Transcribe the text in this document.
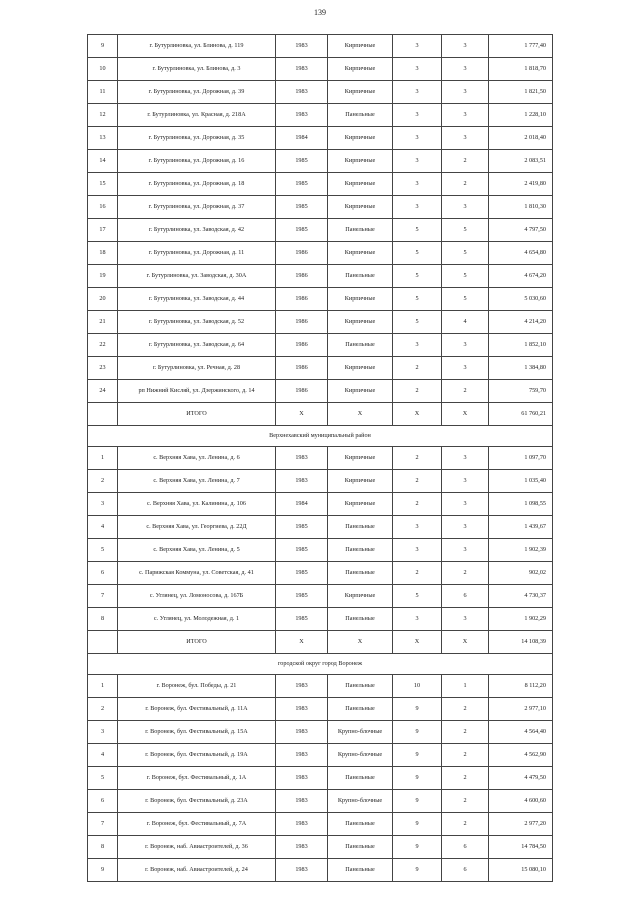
139
9	г. Бутурлиновка, ул. Блинова, д. 119	1983	Кирпичные	3	3	1 777,40
10	г. Бутурлиновка, ул. Блинова, д. 3	1983	Кирпичные	3	3	1 818,70
11	г. Бутурлиновка, ул. Дорожная, д. 39	1983	Кирпичные	3	3	1 821,50
12	г. Бутурлиновка, ул. Красная, д. 218А	1983	Панельные	3	3	1 228,10
13	г. Бутурлиновка, ул. Дорожная, д. 35	1984	Кирпичные	3	3	2 018,40
14	г. Бутурлиновка, ул. Дорожная, д. 16	1985	Кирпичные	3	2	2 083,51
15	г. Бутурлиновка, ул. Дорожная, д. 18	1985	Кирпичные	3	2	2 419,80
16	г. Бутурлиновка, ул. Дорожная, д. 37	1985	Кирпичные	3	3	1 810,30
17	г. Бутурлиновка, ул. Заводская, д. 42	1985	Панельные	5	5	4 797,50
18	г. Бутурлиновка, ул. Дорожная, д. 11	1986	Кирпичные	5	5	4 654,80
19	г. Бутурлиновка, ул. Заводская, д. 30А	1986	Панельные	5	5	4 674,20
20	г. Бутурлиновка, ул. Заводская, д. 44	1986	Кирпичные	5	5	5 030,60
21	г. Бутурлиновка, ул. Заводская, д. 52	1986	Кирпичные	5	4	4 214,20
22	г. Бутурлиновка, ул. Заводская, д. 64	1986	Панельные	3	3	1 852,10
23	г. Бутурлиновка, ул. Речная, д. 28	1986	Кирпичные	2	3	1 384,80
24	рп Нижний Кисляй, ул. Дзержинского, д. 14	1986	Кирпичные	2	2	759,70
	ИТОГО	X	X	X	X	61 760,21
Верхнехавский муниципальный район						
1	с. Верхняя Хава, ул. Ленина, д. 6	1983	Кирпичные	2	3	1 097,70
2	с. Верхняя Хава, ул. Ленина, д. 7	1983	Кирпичные	2	3	1 035,40
3	с. Верхняя Хава, ул. Калинина, д. 106	1984	Кирпичные	2	3	1 098,55
4	с. Верхняя Хава, ул. Георгиева, д. 22Д	1985	Панельные	3	3	1 439,67
5	с. Верхняя Хава, ул. Ленина, д. 5	1985	Панельные	3	3	1 902,39
6	с. Парижская Коммуна, ул. Советская, д. 41	1985	Панельные	2	2	902,02
7	с. Углянец, ул. Ломоносова, д. 167Б	1985	Кирпичные	5	6	4 730,37
8	с. Углянец, ул. Молодежная, д. 1	1985	Панельные	3	3	1 902,29
	ИТОГО	X	X	X	X	14 108,39
городской округ город Воронеж						
1	г. Воронеж, бул. Победы, д. 21	1983	Панельные	10	1	8 112,20
2	г. Воронеж, бул. Фестивальный, д. 11А	1983	Панельные	9	2	2 977,10
3	г. Воронеж, бул. Фестивальный, д. 15А	1983	Крупно-блочные	9	2	4 564,40
4	г. Воронеж, бул. Фестивальный, д. 19А	1983	Крупно-блочные	9	2	4 562,90
5	г. Воронеж, бул. Фестивальный, д. 1А	1983	Панельные	9	2	4 479,50
6	г. Воронеж, бул. Фестивальный, д. 23А	1983	Крупно-блочные	9	2	4 600,60
7	г. Воронеж, бул. Фестивальный, д. 7А	1983	Панельные	9	2	2 977,20
8	г. Воронеж, наб. Авиастроителей, д. 36	1983	Панельные	9	6	14 784,50
9	г. Воронеж, наб. Авиастроителей, д. 24	1983	Панельные	9	6	15 080,10
